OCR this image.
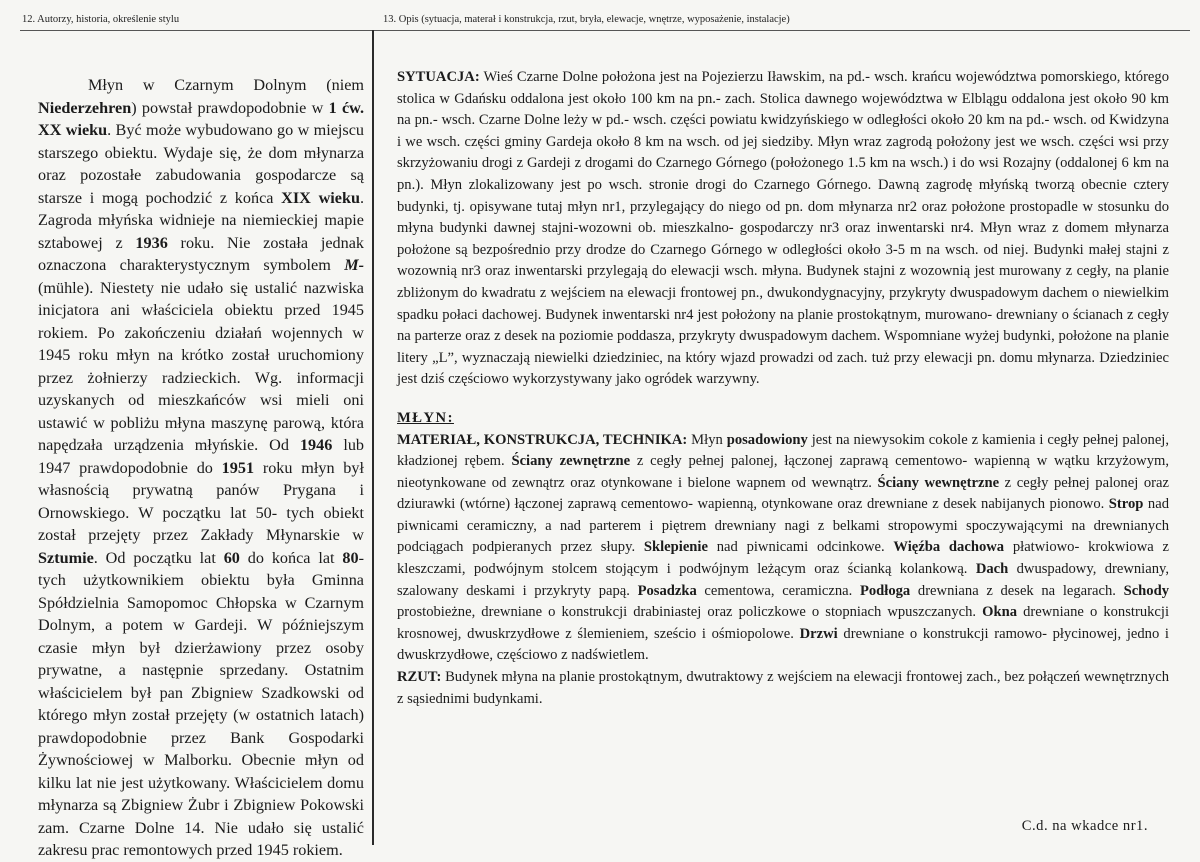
12. Autorzy, historia, określenie stylu	13. Opis (sytuacja, materał i konstrukcja, rzut, bryła, elewacje, wnętrze, wyposażenie, instalacje)

Młyn w Czarnym Dolnym (niem Niederzehren) powstał prawdopodobnie w 1 ćw. XX wieku. Być może wybudowano go w miejscu starszego obiektu. Wydaje się, że dom młynarza oraz pozostałe zabudowania gospodarcze są starsze i mogą pochodzić z końca XIX wieku. Zagroda młyńska widnieje na niemieckiej mapie sztabowej z 1936 roku. Nie została jednak oznaczona charakterystycznym symbolem M- (mühle). Niestety nie udało się ustalić nazwiska inicjatora ani właściciela obiektu przed 1945 rokiem. Po zakończeniu działań wojennych w 1945 roku młyn na krótko został uruchomiony przez żołnierzy radzieckich. Wg. informacji uzyskanych od mieszkańców wsi mieli oni ustawić w pobliżu młyna maszynę parową, która napędzała urządzenia młyńskie. Od 1946 lub 1947 prawdopodobnie do 1951 roku młyn był własnością prywatną panów Prygana i Ornowskiego. W początku lat 50- tych obiekt został przejęty przez Zakłady Młynarskie w Sztumie. Od początku lat 60 do końca lat 80- tych użytkownikiem obiektu była Gminna Spółdzielnia Samopomoc Chłopska w Czarnym Dolnym, a potem w Gardeji. W późniejszym czasie młyn był dzierżawiony przez osoby prywatne, a następnie sprzedany. Ostatnim właścicielem był pan Zbigniew Szadkowski od którego młyn został przejęty (w ostatnich latach) prawdopodobnie przez Bank Gospodarki Żywnościowej w Malborku. Obecnie młyn od kilku lat nie jest użytkowany. Właścicielem domu młynarza są Zbigniew Żubr i Zbigniew Pokowski zam. Czarne Dolne 14. Nie udało się ustalić zakresu prac remontowych przed 1945 rokiem.

SYTUACJA: Wieś Czarne Dolne położona jest na Pojezierzu Iławskim, na pd.- wsch. krańcu województwa pomorskiego, którego stolica w Gdańsku oddalona jest około 100 km na pn.- zach. Stolica dawnego województwa w Elblągu oddalona jest około 90 km na pn.- wsch. Czarne Dolne leży w pd.- wsch. części powiatu kwidzyńskiego w odległości około 20 km na pd.- wsch. od Kwidzyna i we wsch. części gminy Gardeja około 8 km na wsch. od jej siedziby. Młyn wraz zagrodą położony jest we wsch. części wsi przy skrzyżowaniu drogi z Gardeji z drogami do Czarnego Górnego (położonego 1.5 km na wsch.) i do wsi Rozajny (oddalonej 6 km na pn.). Młyn zlokalizowany jest po wsch. stronie drogi do Czarnego Górnego. Dawną zagrodę młyńską tworzą obecnie cztery budynki, tj. opisywane tutaj młyn nr1, przylegający do niego od pn. dom młynarza nr2 oraz położone prostopadle w stosunku do młyna budynki dawnej stajni-wozowni ob. mieszkalno- gospodarczy nr3 oraz inwentarski nr4. Młyn wraz z domem młynarza położone są bezpośrednio przy drodze do Czarnego Górnego w odległości około 3-5 m na wsch. od niej. Budynki małej stajni z wozownią nr3 oraz inwentarski przylegają do elewacji wsch. młyna. Budynek stajni z wozownią jest murowany z cegły, na planie zbliżonym do kwadratu z wejściem na elewacji frontowej pn., dwukondygnacyjny, przykryty dwuspadowym dachem o niewielkim spadku połaci dachowej. Budynek inwentarski nr4 jest położony na planie prostokątnym, murowano- drewniany o ścianach z cegły na parterze oraz z desek na poziomie poddasza, przykryty dwuspadowym dachem. Wspomniane wyżej budynki, położone na planie litery „L”, wyznaczają niewielki dziedziniec, na który wjazd prowadzi od zach. tuż przy elewacji pn. domu młynarza. Dziedziniec jest dziś częściowo wykorzystywany jako ogródek warzywny.

MŁYN:

MATERIAŁ, KONSTRUKCJA, TECHNIKA: Młyn posadowiony jest na niewysokim cokole z kamienia i cegły pełnej palonej, kładzionej rębem. Ściany zewnętrzne z cegły pełnej palonej, łączonej zaprawą cementowo- wapienną w wątku krzyżowym, nieotynkowane od zewnątrz oraz otynkowane i bielone wapnem od wewnątrz. Ściany wewnętrzne z cegły pełnej palonej oraz dziurawki (wtórne) łączonej zaprawą cementowo- wapienną, otynkowane oraz drewniane z desek nabijanych pionowo. Strop nad piwnicami ceramiczny, a nad parterem i piętrem drewniany nagi z belkami stropowymi spoczywającymi na drewnianych podciągach podpieranych przez słupy. Sklepienie nad piwnicami odcinkowe. Więźba dachowa płatwiowo- krokwiowa z kleszczami, podwójnym stolcem stojącym i podwójnym leżącym oraz ścianką kolankową. Dach dwuspadowy, drewniany, szalowany deskami i przykryty papą. Posadzka cementowa, ceramiczna. Podłoga drewniana z desek na legarach. Schody prostobieżne, drewniane o konstrukcji drabiniastej oraz policzkowe o stopniach wpuszczanych. Okna drewniane o konstrukcji krosnowej, dwuskrzydłowe z ślemieniem, sześcio i ośmiopolowe. Drzwi drewniane o konstrukcji ramowo- płycinowej, jedno i dwuskrzydłowe, częściowo z nadświetlem.

RZUT: Budynek młyna na planie prostokątnym, dwutraktowy z wejściem na elewacji frontowej zach., bez połączeń wewnętrznych z sąsiednimi budynkami.

C.d. na wkadce nr1.
